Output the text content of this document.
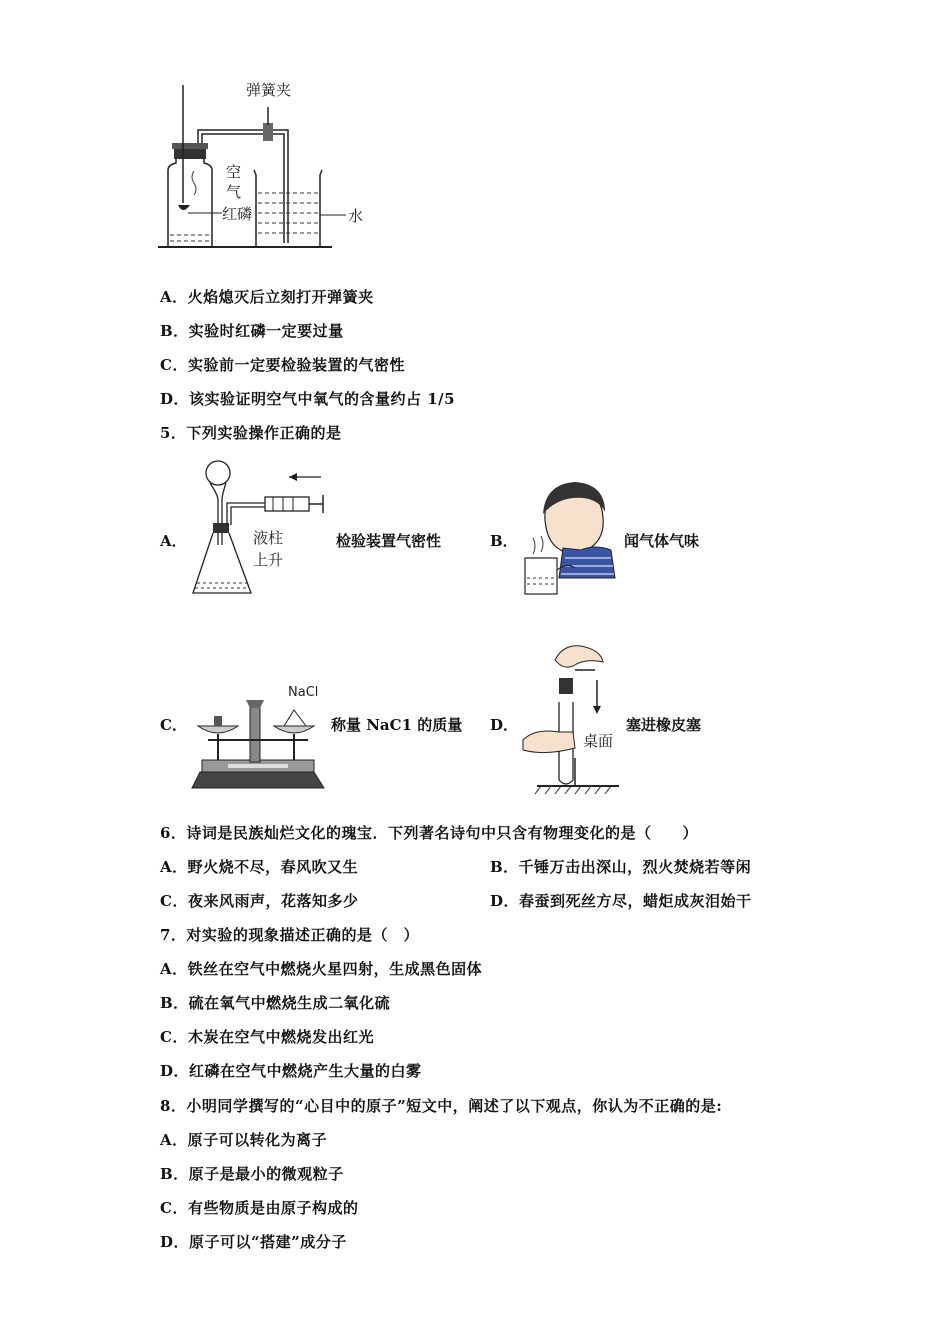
弹簧夹
空
气
红磷	水
A．火焰熄灭后立刻打开弹簧夹
B．实验时红磷一定要过量
C．实验前一定要检验装置的气密性
D．该实验证明空气中氧气的含量约占 1/5
5．下列实验操作正确的是
A．	液柱
上升
检验装置气密性	B．	闻气体气味
C．
NaCl
称量 NaC1 的质量 D．
桌面
塞进橡皮塞
6．诗词是民族灿烂文化的瑰宝．下列著名诗句中只含有物理变化的是（　　）
A．野火烧不尽，春风吹又生	B．千锤万击出深山，烈火焚烧若等闲
C．夜来风雨声，花落知多少	D．春蚕到死丝方尽，蜡炬成灰泪始干
7．对实验的现象描述正确的是（　）
A．铁丝在空气中燃烧火星四射，生成黑色固体
B．硫在氧气中燃烧生成二氧化硫
C．木炭在空气中燃烧发出红光
D．红磷在空气中燃烧产生大量的白雾
8．小明同学撰写的“心目中的原子”短文中，阐述了以下观点，你认为不正确的是:
A．原子可以转化为离子
B．原子是最小的微观粒子
C．有些物质是由原子构成的
D．原子可以“搭建”成分子
